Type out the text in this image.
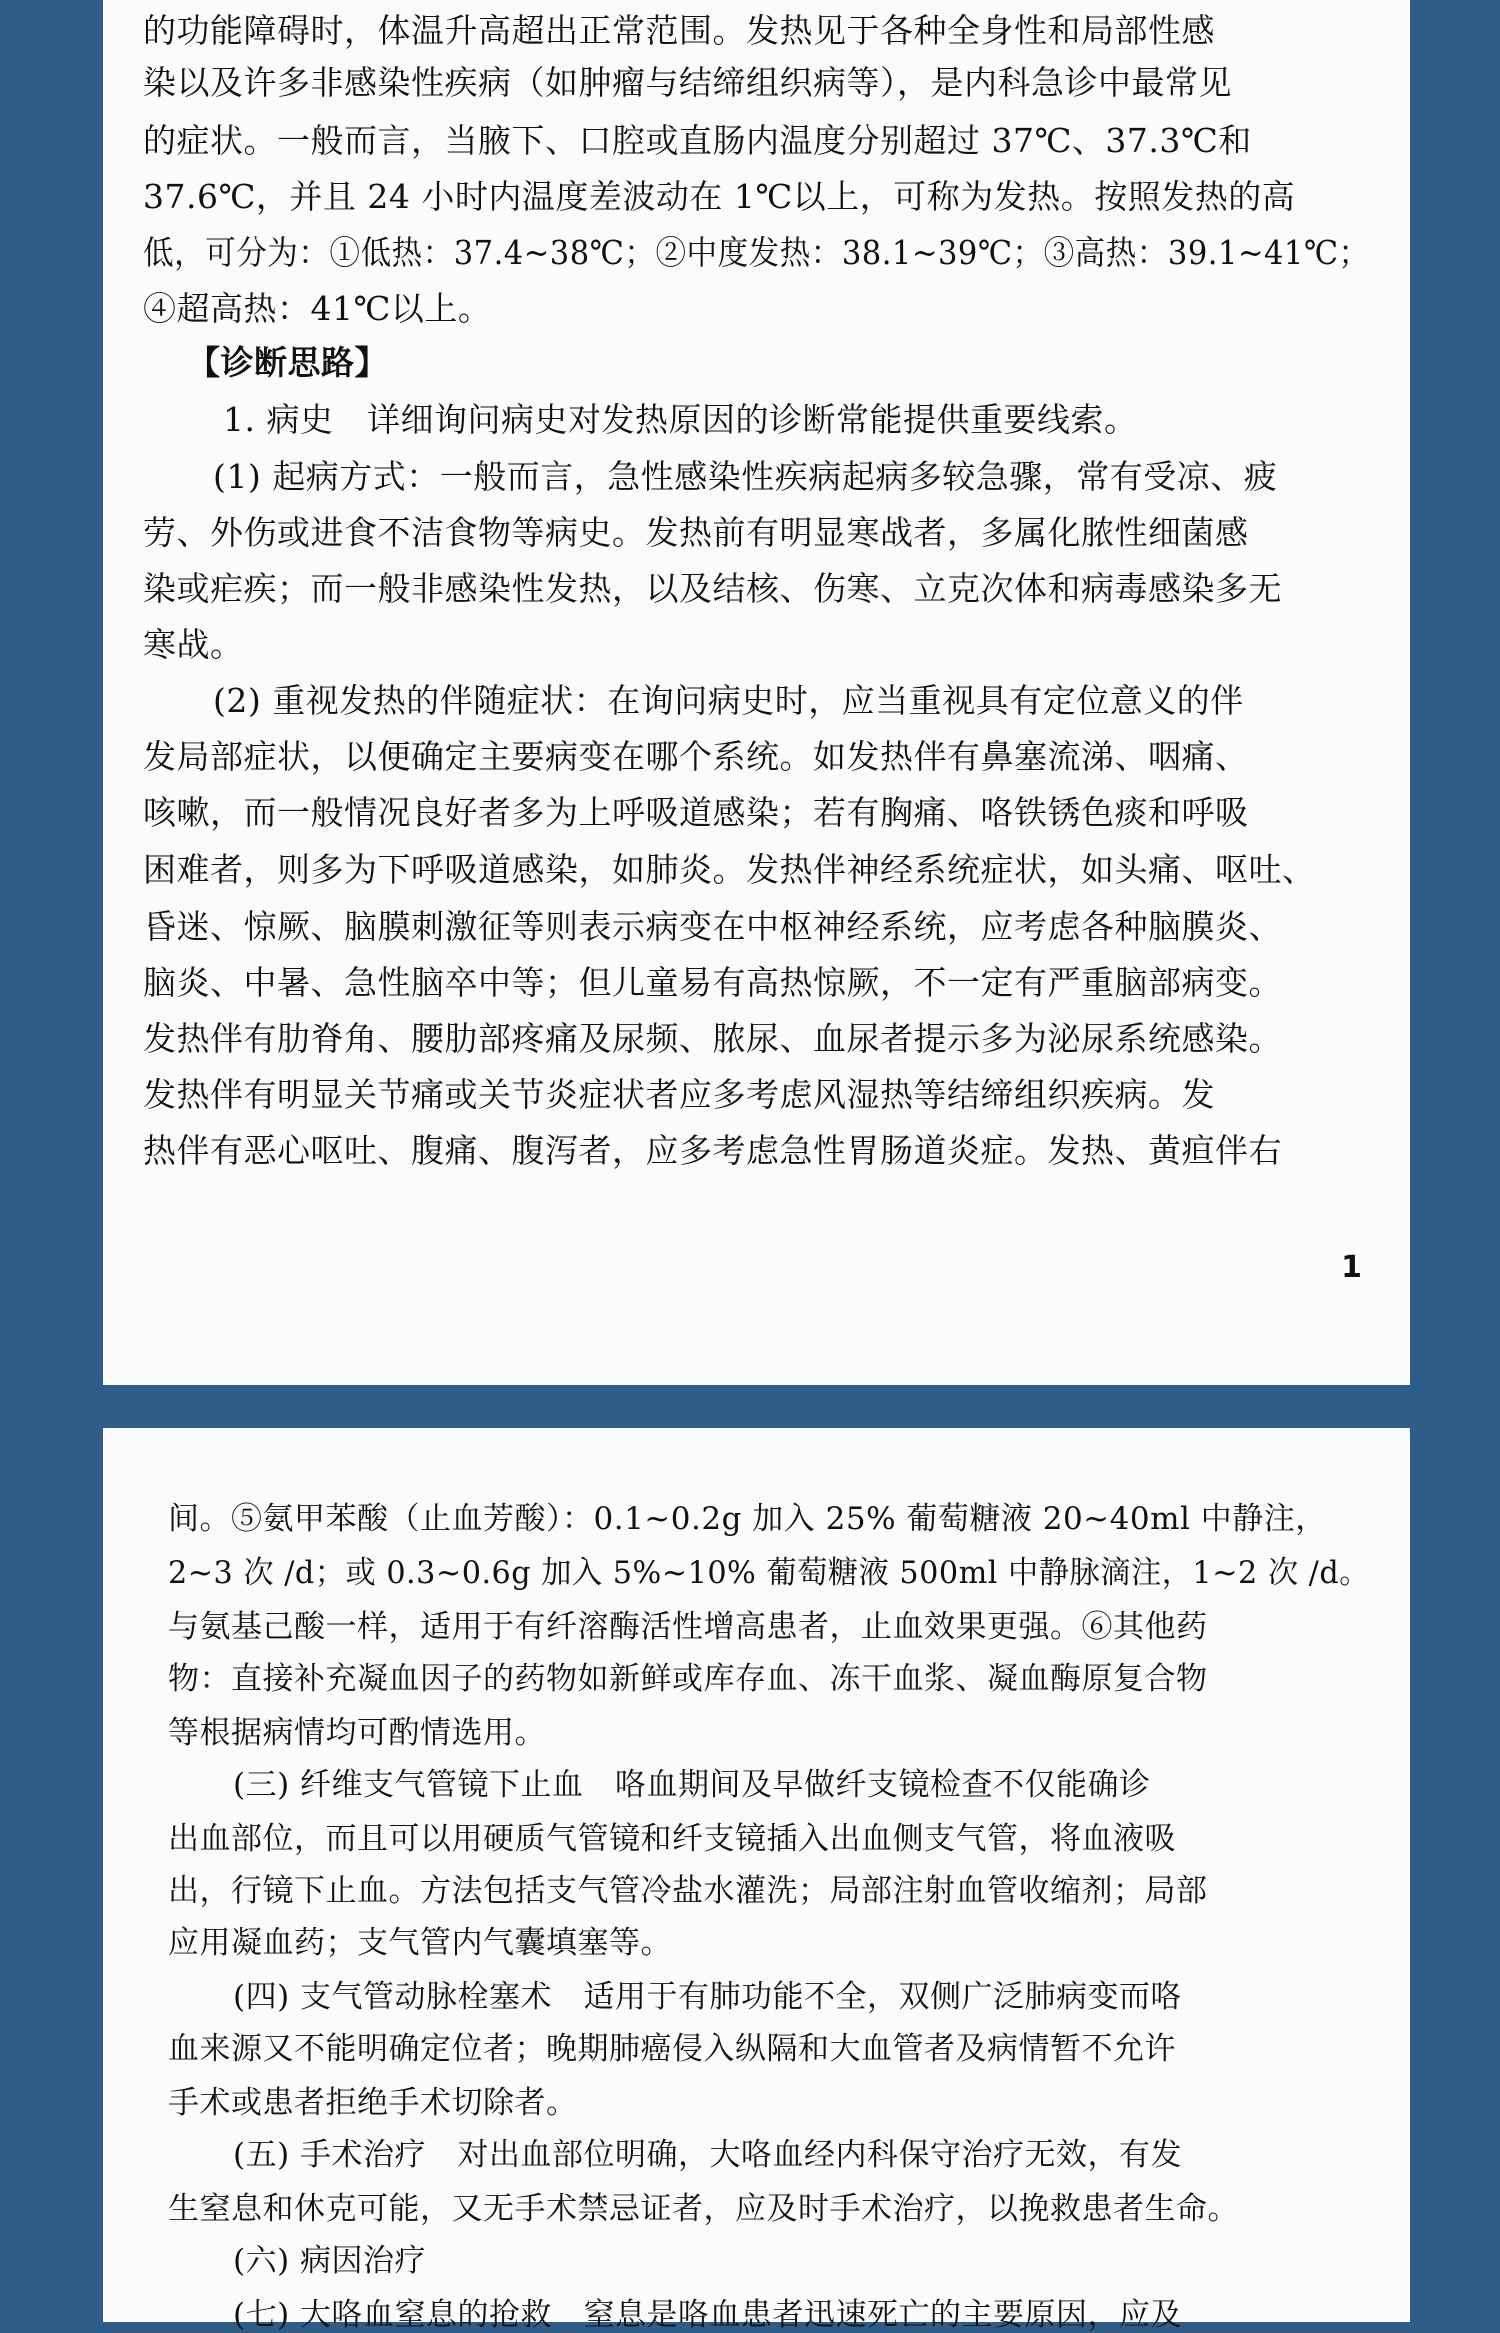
的功能障碍时，体温升高超出正常范围。发热见于各种全身性和局部性感
染以及许多非感染性疾病（如肿瘤与结缔组织病等），是内科急诊中最常见
的症状。一般而言，当腋下、口腔或直肠内温度分别超过 37℃、37.3℃和
37.6℃，并且 24 小时内温度差波动在 1℃以上，可称为发热。按照发热的高
低，可分为：①低热：37.4~38℃；②中度发热：38.1~39℃；③高热：39.1~41℃；
④超高热：41℃以上。
【诊断思路】
1. 病史　详细询问病史对发热原因的诊断常能提供重要线索。
(1) 起病方式：一般而言，急性感染性疾病起病多较急骤，常有受凉、疲
劳、外伤或进食不洁食物等病史。发热前有明显寒战者，多属化脓性细菌感
染或疟疾；而一般非感染性发热，以及结核、伤寒、立克次体和病毒感染多无
寒战。
(2) 重视发热的伴随症状：在询问病史时，应当重视具有定位意义的伴
发局部症状，以便确定主要病变在哪个系统。如发热伴有鼻塞流涕、咽痛、
咳嗽，而一般情况良好者多为上呼吸道感染；若有胸痛、咯铁锈色痰和呼吸
困难者，则多为下呼吸道感染，如肺炎。发热伴神经系统症状，如头痛、呕吐、
昏迷、惊厥、脑膜刺激征等则表示病变在中枢神经系统，应考虑各种脑膜炎、
脑炎、中暑、急性脑卒中等；但儿童易有高热惊厥，不一定有严重脑部病变。
发热伴有肋脊角、腰肋部疼痛及尿频、脓尿、血尿者提示多为泌尿系统感染。
发热伴有明显关节痛或关节炎症状者应多考虑风湿热等结缔组织疾病。发
热伴有恶心呕吐、腹痛、腹泻者，应多考虑急性胃肠道炎症。发热、黄疸伴右
1
间。⑤氨甲苯酸（止血芳酸）：0.1~0.2g 加入 25% 葡萄糖液 20~40ml 中静注，
2~3 次 /d；或 0.3~0.6g 加入 5%~10% 葡萄糖液 500ml 中静脉滴注，1~2 次 /d。
与氨基己酸一样，适用于有纤溶酶活性增高患者，止血效果更强。⑥其他药
物：直接补充凝血因子的药物如新鲜或库存血、冻干血浆、凝血酶原复合物
等根据病情均可酌情选用。
(三) 纤维支气管镜下止血　咯血期间及早做纤支镜检查不仅能确诊
出血部位，而且可以用硬质气管镜和纤支镜插入出血侧支气管，将血液吸
出，行镜下止血。方法包括支气管冷盐水灌洗；局部注射血管收缩剂；局部
应用凝血药；支气管内气囊填塞等。
(四) 支气管动脉栓塞术　适用于有肺功能不全，双侧广泛肺病变而咯
血来源又不能明确定位者；晚期肺癌侵入纵隔和大血管者及病情暂不允许
手术或患者拒绝手术切除者。
(五) 手术治疗　对出血部位明确，大咯血经内科保守治疗无效，有发
生窒息和休克可能，又无手术禁忌证者，应及时手术治疗，以挽救患者生命。
(六) 病因治疗
(七) 大咯血窒息的抢救　窒息是咯血患者迅速死亡的主要原因，应及
